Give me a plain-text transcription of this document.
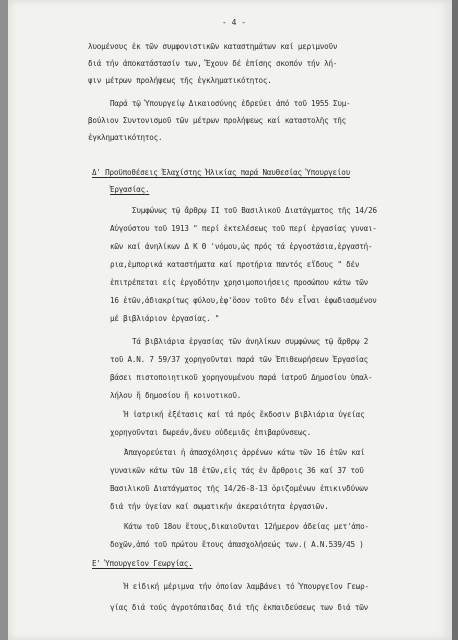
- 4 -
λυομένους ἐκ τῶν συμφονιστικῶν καταστημάτων καί μεριμνοῦν
διά τήν ἀποκατάστασίν των, Ἔχουν δέ ἐπίσης σκοπόν τήν λή-
ψιν μέτρων προλήψεως τῆς ἐγκληματικότητος.
Παρά τῷ Ὑπουργείῳ Δικαιοσύνης ἑδρεύει ἀπό τοῦ 1955 Συμ-
βούλιον Συντονισμοῦ τῶν μέτρων προλήψεως καί καταστολῆς τῆς
ἐγκληματικότητος.
Δ' Προϋποθέσεις Ἐλαχίστης Ἡλικίας παρά Ναυθεσίας Ὑπουργείου
Ἐργασίας.
Συμφώνως τῷ ἄρθρῳ ΙΙ τοῦ Βασιλικοῦ Διατάγματος τῆς 14/26
Αὐγούστου τοῦ 1913 " περί ἐκτελέσεως τοῦ περί ἐργασίας γυναι-
κῶν καί ἀνηλίκων Δ Κ Θ 'νόμου,ὡς πρός τά ἐργοστάσια,ἐργαστή-
ρια,ἐμπορικά καταστήματα καί προτήρια παντός εἴδους " δέν
ἐπιτρέπεται εἰς ἐργοδότην χρησιμοποιήσεις προσώπου κάτω τῶν
16 ἐτῶν,ἀδιακρίτως φύλου,ἐφ'ὅσον τοῦτο δέν εἶναι ἐφωδιασμένον
μέ βιβλιάριον ἐργασίας. "
Τά βιβλιάρια ἐργασίας τῶν ἀνηλίκων συμφώνως τῷ ἄρθρῳ 2
τοῦ Α.Ν. 7 59/37 χορηγοῦνται παρά τῶν Ἐπιθεωρήσεων Ἐργασίας
βάσει πιστοποιητικοῦ χορηγουμένου παρά ἰατροῦ Δημοσίου ὑπαλ-
λήλου ἤ δημοσίου ἤ κοινοτικοῦ.
Ἡ ἰατρική ἐξέτασις καί τά πρός ἔκδοσιν βιβλιάρια ὑγείας
χορηγοῦνται δωρεάν,ἄνευ οὐδεμιᾶς ἐπιβαρύνσεως.
Ἀπαγορεύεται ἡ ἀπασχόλησις ἀρρένων κάτω τῶν 16 ἐτῶν καί
γυναικῶν κάτω τῶν 18 ἐτῶν,εἰς τάς ἐν ἄρθροις 36 καί 37 τοῦ
Βασιλικοῦ Διατάγματος τῆς 14/26-8-13 ὁριζομένων ἐπικινδύνων
διά τήν ὑγείαν καί σωματικήν ἀκεραιότητα ἐργασιῶν.
Κάτω τοῦ 18ου ἔτους,δικαιοῦνται 12ήμερον ἀδείας μετ'ἀπο-
δοχῶν,ἀπό τοῦ πρώτου ἔτους ἀπασχολήσεώς των.( Α.Ν.539/45 )
Ε' Ὑπουργεῖον Γεωργίας.
Ἡ εἰδική μέριμνα τήν ὁποίαν λαμβάνει τό Ὑπουργεῖον Γεωρ-
γίας διά τούς ἀγροτόπαιδας διά τῆς ἐκπαιδεύσεως των διά τῶν
